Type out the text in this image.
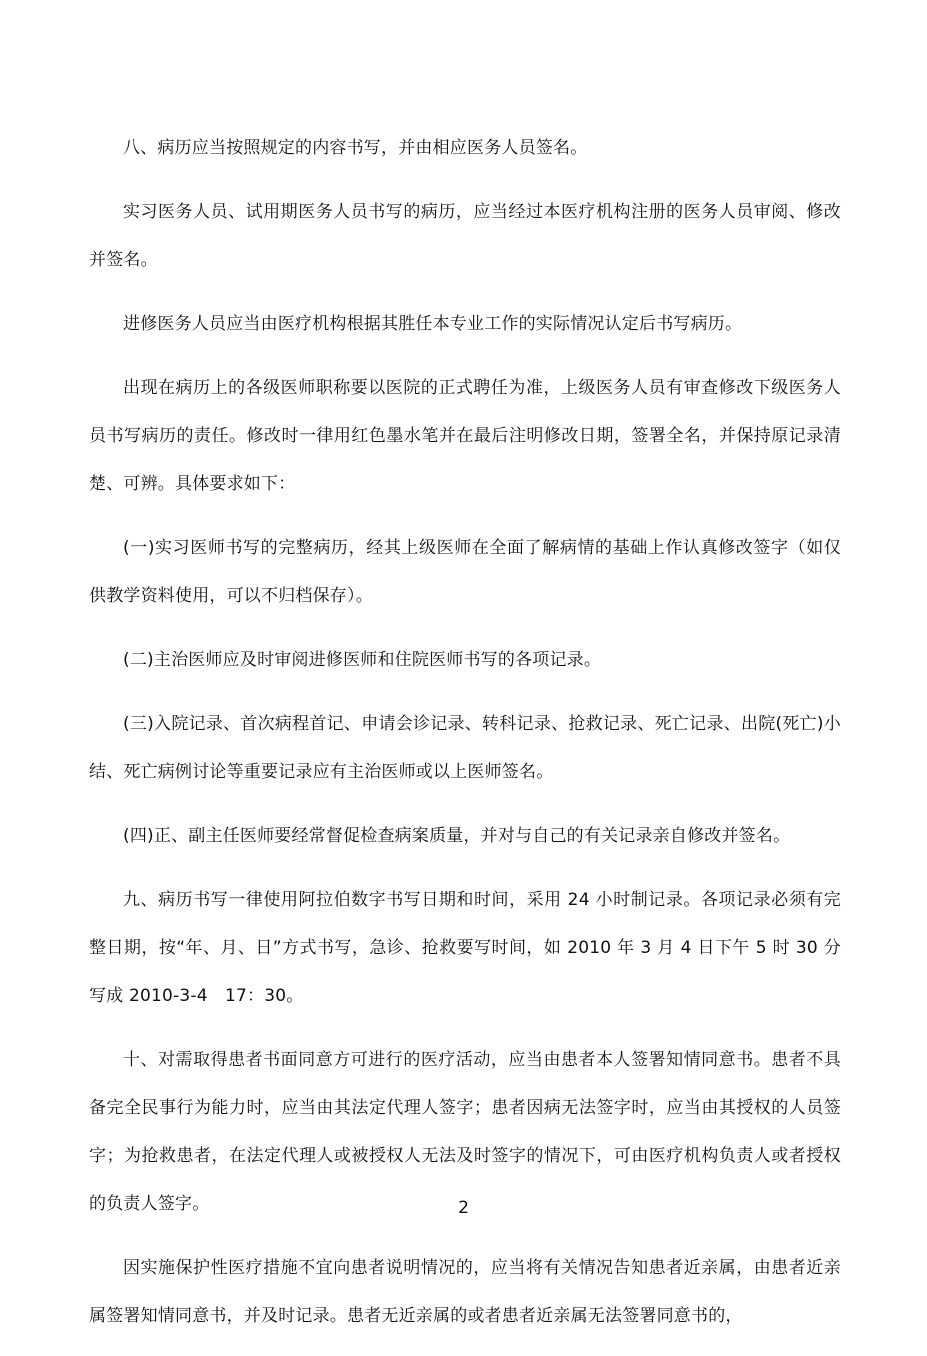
八、病历应当按照规定的内容书写，并由相应医务人员签名。

实习医务人员、试用期医务人员书写的病历，应当经过本医疗机构注册的医务人员审阅、修改并签名。

进修医务人员应当由医疗机构根据其胜任本专业工作的实际情况认定后书写病历。

出现在病历上的各级医师职称要以医院的正式聘任为准，上级医务人员有审查修改下级医务人员书写病历的责任。修改时一律用红色墨水笔并在最后注明修改日期，签署全名，并保持原记录清楚、可辨。具体要求如下：

(一)实习医师书写的完整病历，经其上级医师在全面了解病情的基础上作认真修改签字（如仅供教学资料使用，可以不归档保存）。

(二)主治医师应及时审阅进修医师和住院医师书写的各项记录。

(三)入院记录、首次病程首记、申请会诊记录、转科记录、抢救记录、死亡记录、出院(死亡)小结、死亡病例讨论等重要记录应有主治医师或以上医师签名。

(四)正、副主任医师要经常督促检查病案质量，并对与自己的有关记录亲自修改并签名。

九、病历书写一律使用阿拉伯数字书写日期和时间，采用 24 小时制记录。各项记录必须有完整日期，按“年、月、日”方式书写，急诊、抢救要写时间，如 2010 年 3 月 4 日下午 5 时 30 分写成 2010-3-4　17：30。

十、对需取得患者书面同意方可进行的医疗活动，应当由患者本人签署知情同意书。患者不具备完全民事行为能力时，应当由其法定代理人签字；患者因病无法签字时，应当由其授权的人员签字；为抢救患者，在法定代理人或被授权人无法及时签字的情况下，可由医疗机构负责人或者授权的负责人签字。

因实施保护性医疗措施不宜向患者说明情况的，应当将有关情况告知患者近亲属，由患者近亲属签署知情同意书，并及时记录。患者无近亲属的或者患者近亲属无法签署同意书的，

2
